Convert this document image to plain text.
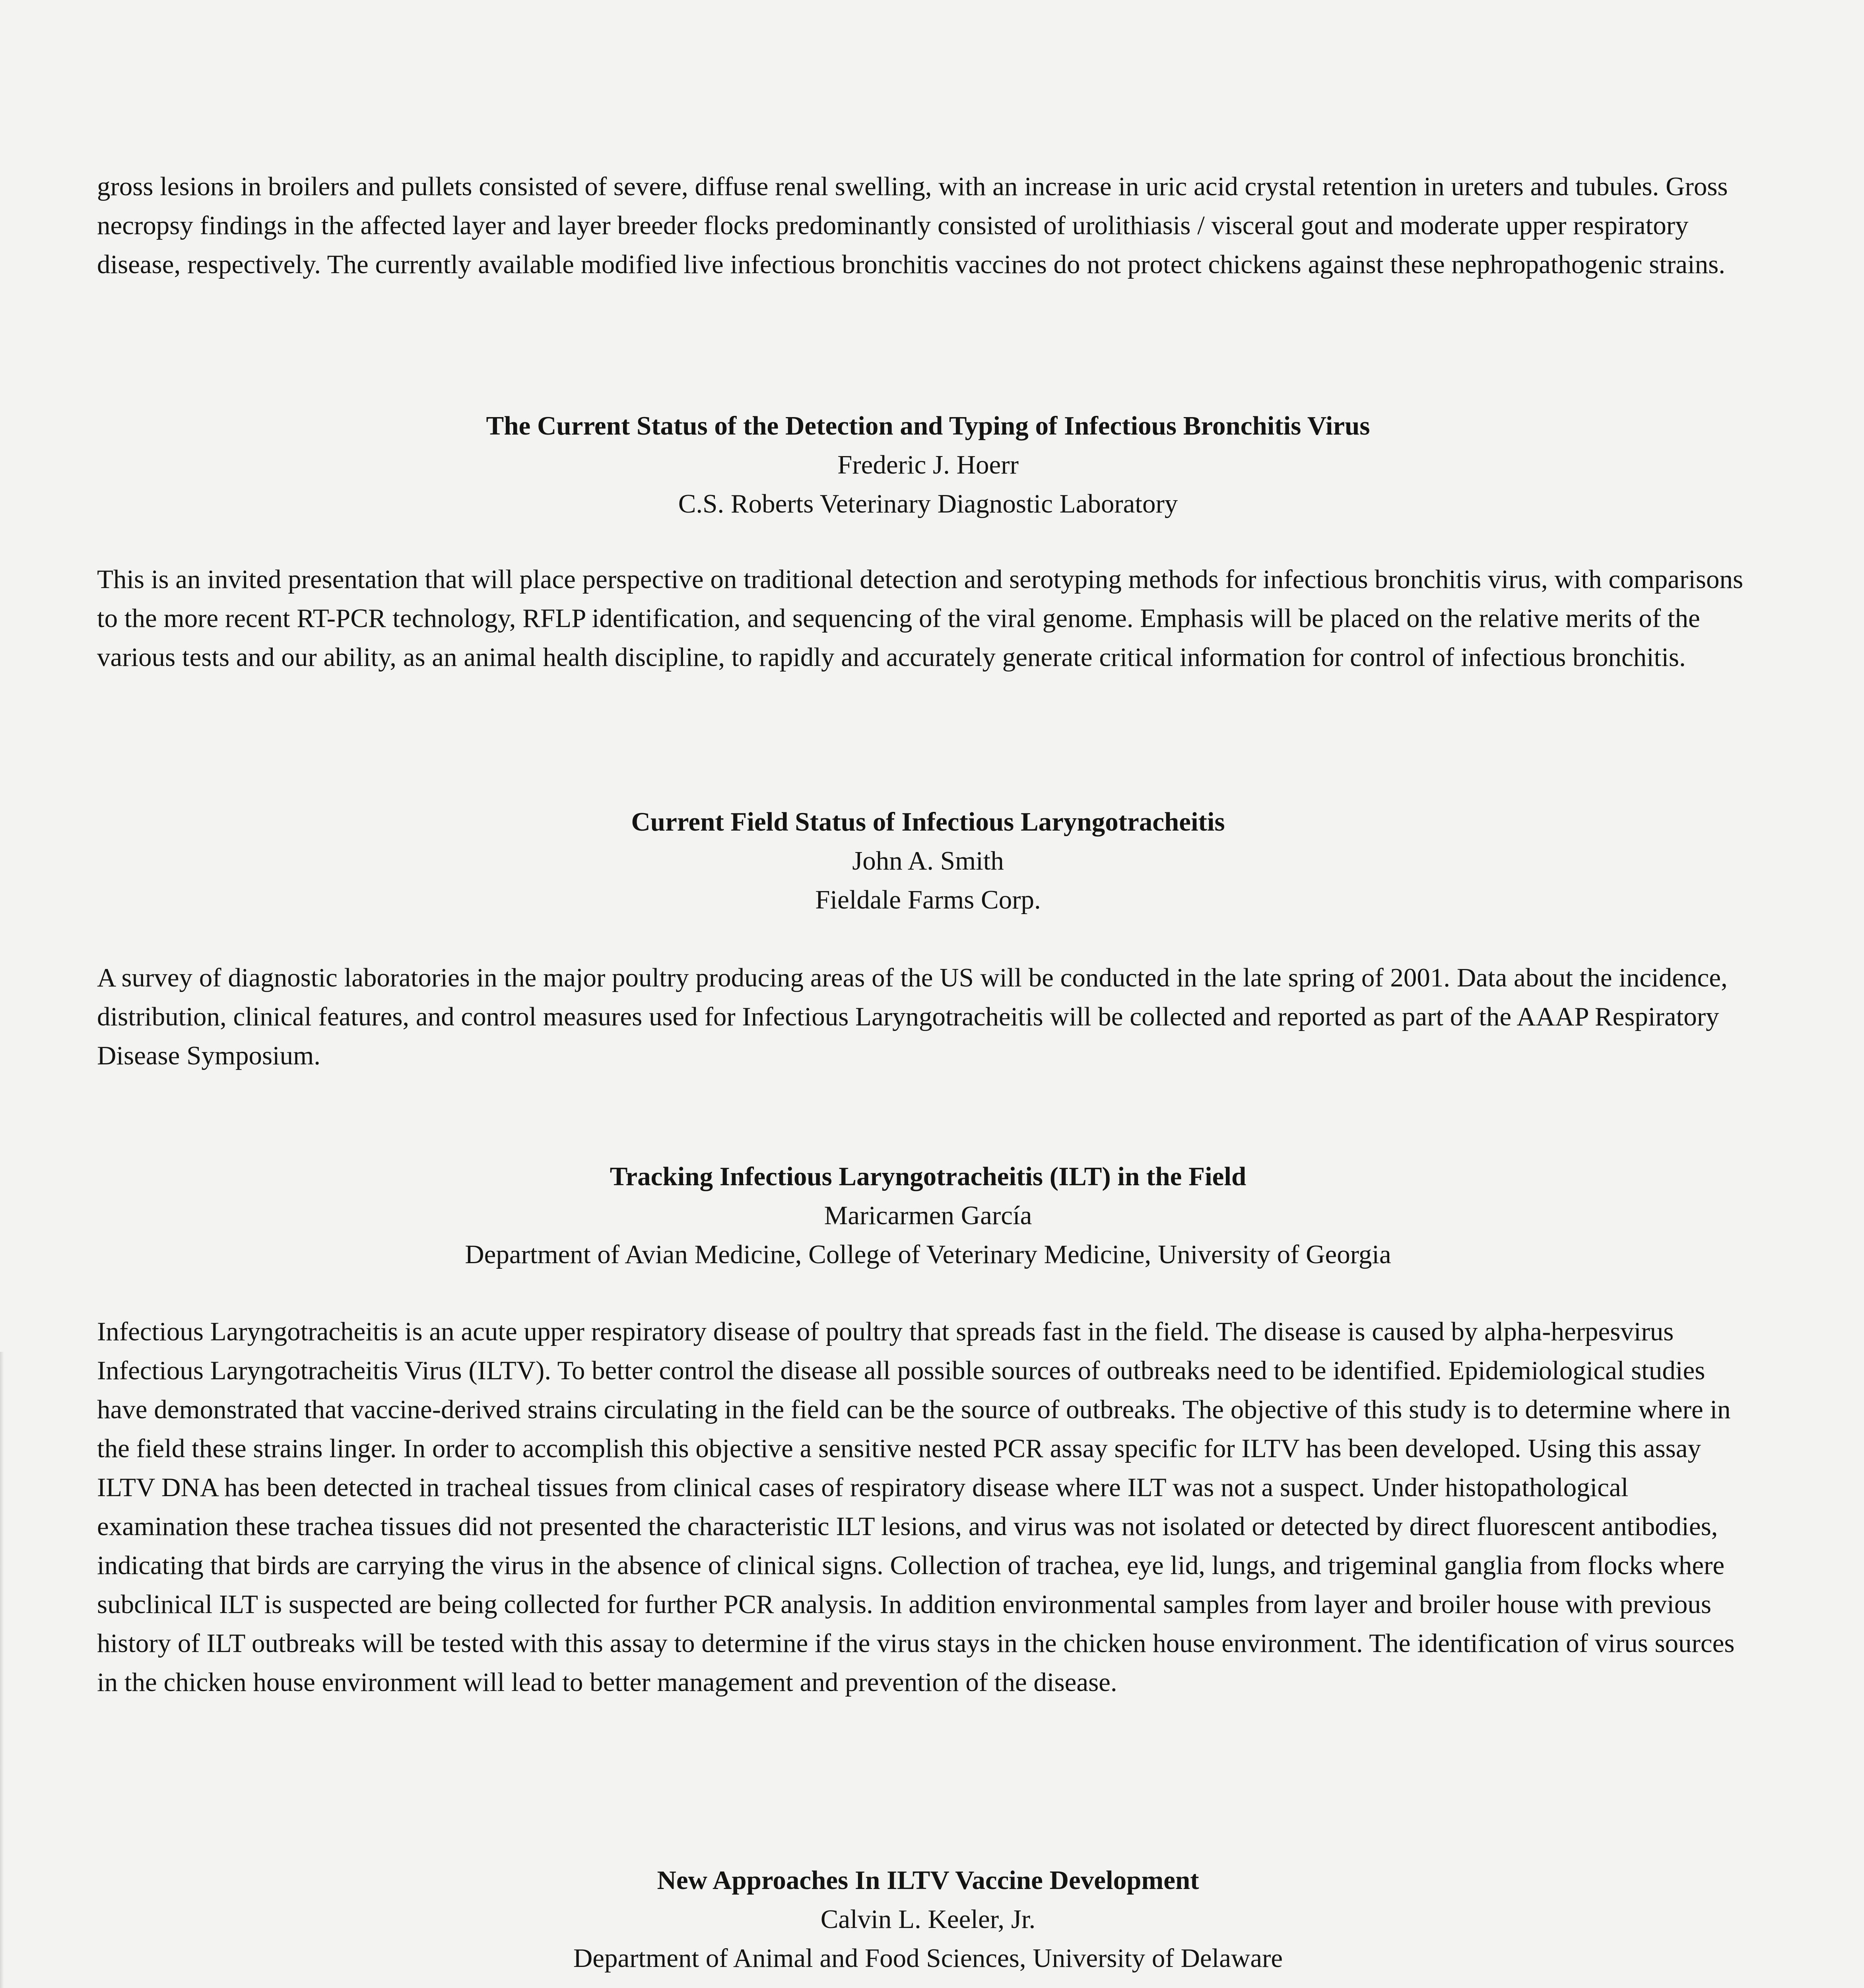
gross lesions in broilers and pullets consisted of severe, diffuse renal swelling, with an increase in uric acid crystal retention in ureters and tubules. Gross necropsy findings in the affected layer and layer breeder flocks predominantly consisted of urolithiasis / visceral gout and moderate upper respiratory disease, respectively. The currently available modified live infectious bronchitis vaccines do not protect chickens against these nephropathogenic strains.

The Current Status of the Detection and Typing of Infectious Bronchitis Virus
Frederic J. Hoerr
C.S. Roberts Veterinary Diagnostic Laboratory

This is an invited presentation that will place perspective on traditional detection and serotyping methods for infectious bronchitis virus, with comparisons to the more recent RT-PCR technology, RFLP identification, and sequencing of the viral genome. Emphasis will be placed on the relative merits of the various tests and our ability, as an animal health discipline, to rapidly and accurately generate critical information for control of infectious bronchitis.

Current Field Status of Infectious Laryngotracheitis
John A. Smith
Fieldale Farms Corp.

A survey of diagnostic laboratories in the major poultry producing areas of the US will be conducted in the late spring of 2001. Data about the incidence, distribution, clinical features, and control measures used for Infectious Laryngotracheitis will be collected and reported as part of the AAAP Respiratory Disease Symposium.

Tracking Infectious Laryngotracheitis (ILT) in the Field
Maricarmen García
Department of Avian Medicine, College of Veterinary Medicine, University of Georgia

Infectious Laryngotracheitis is an acute upper respiratory disease of poultry that spreads fast in the field. The disease is caused by alpha-herpesvirus Infectious Laryngotracheitis Virus (ILTV). To better control the disease all possible sources of outbreaks need to be identified. Epidemiological studies have demonstrated that vaccine-derived strains circulating in the field can be the source of outbreaks. The objective of this study is to determine where in the field these strains linger. In order to accomplish this objective a sensitive nested PCR assay specific for ILTV has been developed. Using this assay ILTV DNA has been detected in tracheal tissues from clinical cases of respiratory disease where ILT was not a suspect. Under histopathological examination these trachea tissues did not presented the characteristic ILT lesions, and virus was not isolated or detected by direct fluorescent antibodies, indicating that birds are carrying the virus in the absence of clinical signs. Collection of trachea, eye lid, lungs, and trigeminal ganglia from flocks where subclinical ILT is suspected are being collected for further PCR analysis. In addition environmental samples from layer and broiler house with previous history of ILT outbreaks will be tested with this assay to determine if the virus stays in the chicken house environment. The identification of virus sources in the chicken house environment will lead to better management and prevention of the disease.

New Approaches In ILTV Vaccine Development
Calvin L. Keeler, Jr.
Department of Animal and Food Sciences, University of Delaware
